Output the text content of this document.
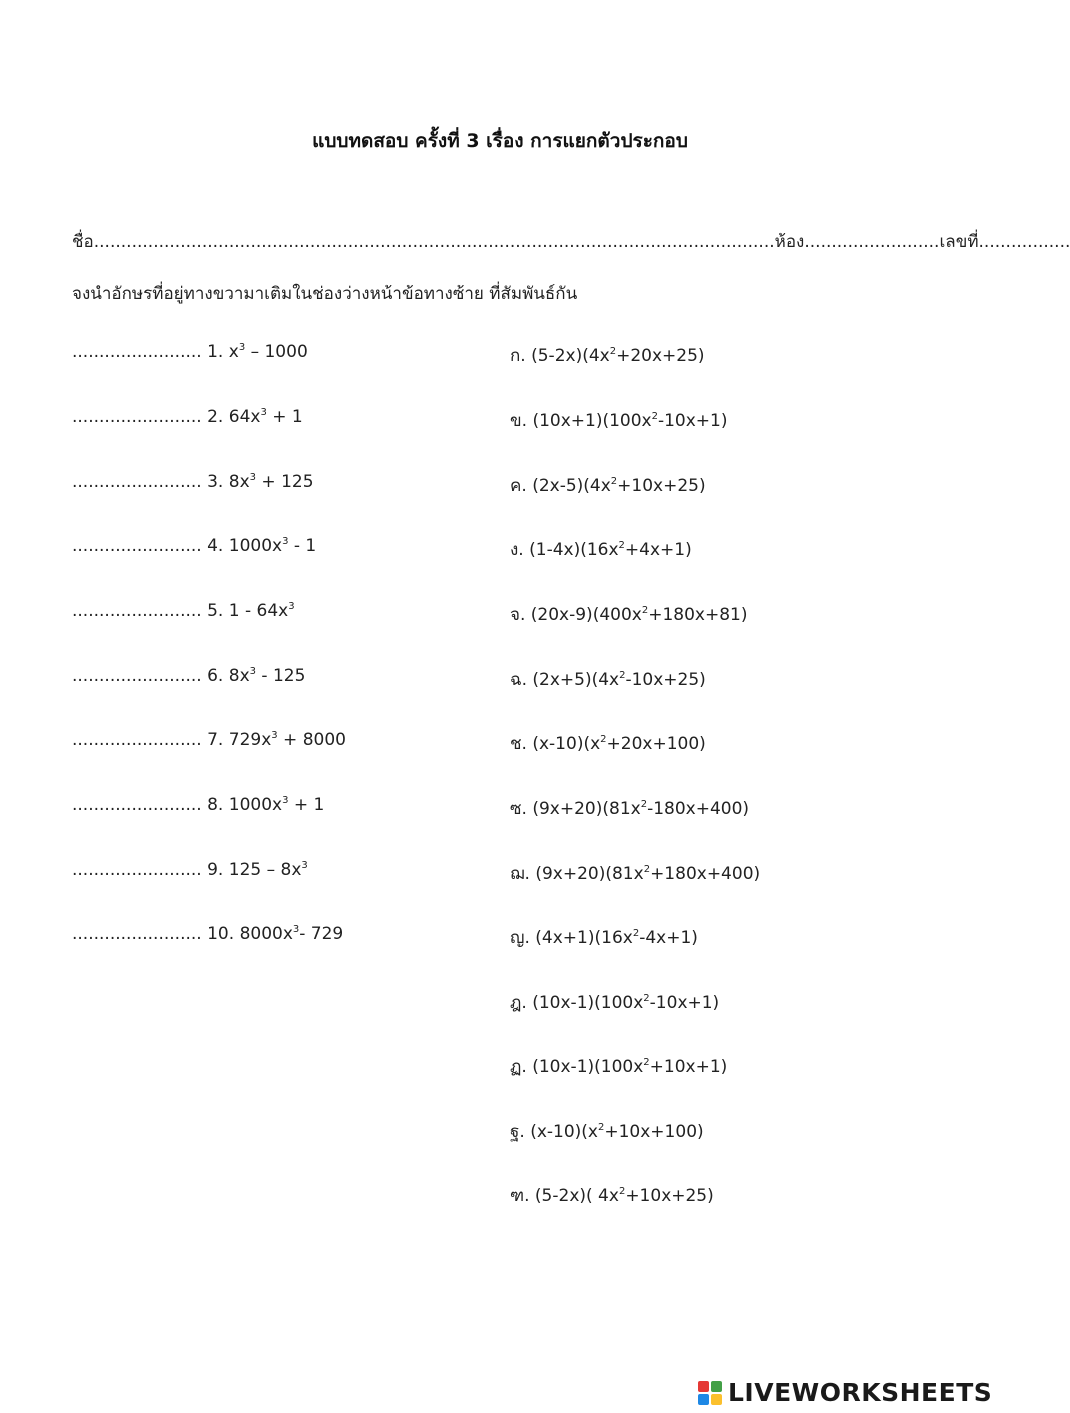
แบบทดสอบ ครั้งที่ 3 เรื่อง การแยกตัวประกอบ
ชื่อ..............................................................................................................................ห้อง.........................เลขที่.................
จงนำอักษรที่อยู่ทางขวามาเติมในช่องว่างหน้าข้อทางซ้าย ที่สัมพันธ์กัน
........................ 1. $x^3 - 1000$
........................ 2. $64x^3 + 1$
........................ 3. $8x^3 + 125$
........................ 4. $1000x^3 - 1$
........................ 5. $1 - 64x^3$
........................ 6. $8x^3 - 125$
........................ 7. $729x^3 + 8000$
........................ 8. $1000x^3 + 1$
........................ 9. $125 - 8x^3$
........................ 10. $8000x^3-$ 729
ก. $(5-2x)(4x^2+20x+25)$
ข. $(10x+1)(100x^2-10x+1)$
ค. $(2x-5)(4x^2+10x+25)$
ง. $(1-4x)(16x^2+4x+1)$
จ. $(20x-9)(400x^2+180x+81)$
ฉ. $(2x+5)(4x^2-10x+25)$
ช. $(x-10)(x^2+20x+100)$
ซ. $(9x+20)(81x^2-180x+400)$
ฌ. $(9x+20)(81x^2+180x+400)$
ญ. $(4x+1)(16x^2-4x+1)$
ฎ. $(10x-1)(100x^2-10x+1)$
ฏ. $(10x-1)(100x^2+10x+1)$
ฐ. $(x-10)(x^2+10x+100)$
ฑ. (5-2x)( $4x^2+10x+25$)
LIVEWORKSHEETS
